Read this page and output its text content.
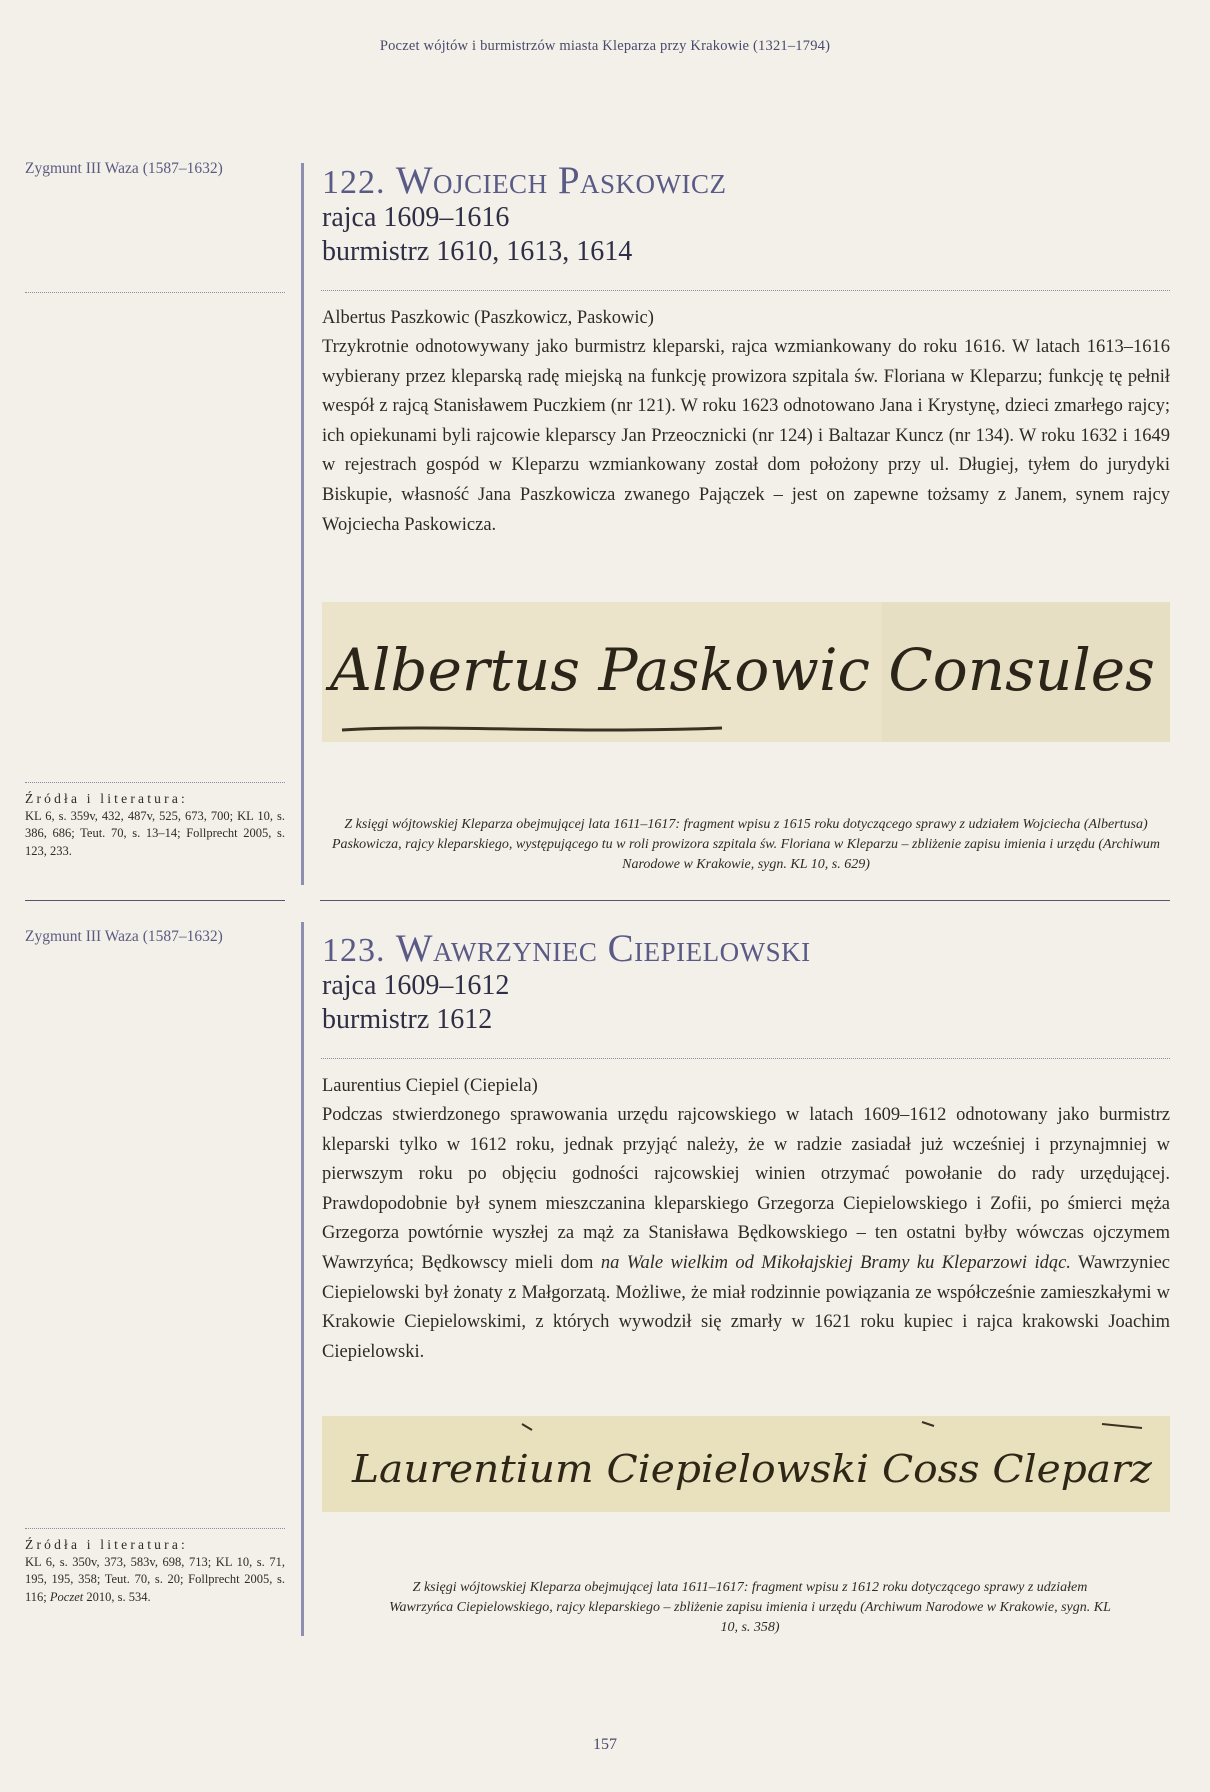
Poczet wójtów i burmistrzów miasta Kleparza przy Krakowie (1321–1794)
Zygmunt III Waza (1587–1632)	122. Wojciech Paskowicz
rajca 1609–1616
burmistrz 1610, 1613, 1614
Albertus Paszkowic (Paszkowicz, Paskowic)
Trzykrotnie odnotowywany jako burmistrz kleparski, rajca wzmiankowany do roku 1616. W latach 1613–1616 wybierany przez kleparską radę miejską na funkcję prowizora szpitala św. Floriana w Kleparzu; funkcję tę pełnił wespół z rajcą Stanisławem Puczkiem (nr 121). W roku 1623 odnotowano Jana i Krystynę, dzieci zmarłego rajcy; ich opiekunami byli rajcowie kleparscy Jan Przeocznicki (nr 124) i Baltazar Kuncz (nr 134). W roku 1632 i 1649 w rejestrach gospód w Kleparzu wzmiankowany został dom położony przy ul. Długiej, tyłem do jurydyki Biskupie, własność Jana Paszkowicza zwanego Pajączek – jest on zapewne tożsamy z Janem, synem rajcy Wojciecha Paskowicza.
Albertus Paskowic Consules
Źródła i literatura:
KL 6, s. 359v, 432, 487v, 525, 673, 700; KL 10, s. 386, 686; Teut. 70, s. 13–14; Follprecht 2005, s. 123, 233.
Z księgi wójtowskiej Kleparza obejmującej lata 1611–1617: fragment wpisu z 1615 roku dotyczącego sprawy z udziałem Wojciecha (Albertusa) Paskowicza, rajcy kleparskiego, występującego tu w roli prowizora szpitala św. Floriana w Kleparzu – zbliżenie zapisu imienia i urzędu (Archiwum Narodowe w Krakowie, sygn. KL 10, s. 629)
Zygmunt III Waza (1587–1632)	123. Wawrzyniec Ciepielowski
rajca 1609–1612
burmistrz 1612
Laurentius Ciepiel (Ciepiela)
Podczas stwierdzonego sprawowania urzędu rajcowskiego w latach 1609–1612 odnotowany jako burmistrz kleparski tylko w 1612 roku, jednak przyjąć należy, że w radzie zasiadał już wcześniej i przynajmniej w pierwszym roku po objęciu godności rajcowskiej winien otrzymać powołanie do rady urzędującej. Prawdopodobnie był synem mieszczanina kleparskiego Grzegorza Ciepielowskiego i Zofii, po śmierci męża Grzegorza powtórnie wyszłej za mąż za Stanisława Będkowskiego – ten ostatni byłby wówczas ojczymem Wawrzyńca; Będkowscy mieli dom na Wale wielkim od Mikołajskiej Bramy ku Kleparzowi idąc. Wawrzyniec Ciepielowski był żonaty z Małgorzatą. Możliwe, że miał rodzinnie powiązania ze współcześnie zamieszkałymi w Krakowie Ciepielowskimi, z których wywodził się zmarły w 1621 roku kupiec i rajca krakowski Joachim Ciepielowski.
Laurentium Ciepielowski Coss Cleparz
Źródła i literatura:
KL 6, s. 350v, 373, 583v, 698, 713; KL 10, s. 71, 195, 195, 358; Teut. 70, s. 20; Follprecht 2005, s. 116; Poczet 2010, s. 534.
Z księgi wójtowskiej Kleparza obejmującej lata 1611–1617: fragment wpisu z 1612 roku dotyczącego sprawy z udziałem Wawrzyńca Ciepielowskiego, rajcy kleparskiego – zbliżenie zapisu imienia i urzędu (Archiwum Narodowe w Krakowie, sygn. KL 10, s. 358)
157
